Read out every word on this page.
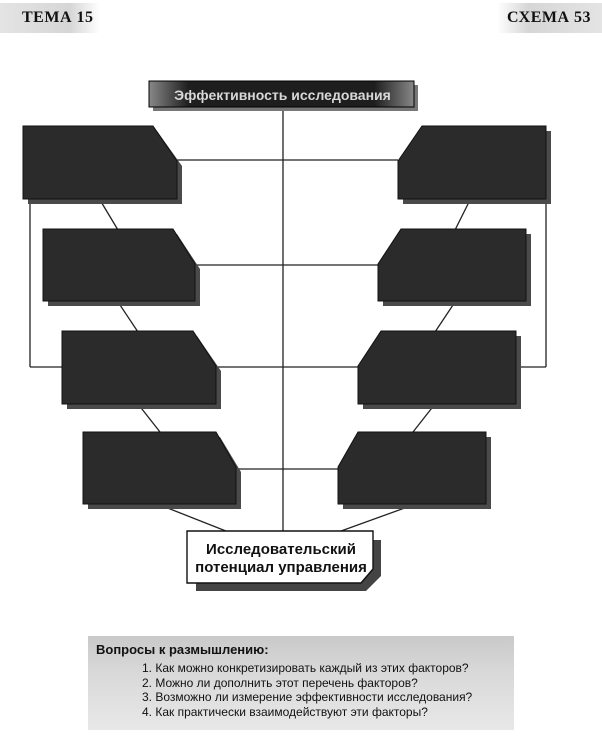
ТЕМА 15	СХЕМА 53
Эффективность исследования
Исследовательский
потенциал управления
Вопросы к размышлению:
1. Как можно конкретизировать каждый из этих факторов?
2. Можно ли дополнить этот перечень факторов?
3. Возможно ли измерение эффективности исследования?
4. Как практически взаимодействуют эти факторы?
